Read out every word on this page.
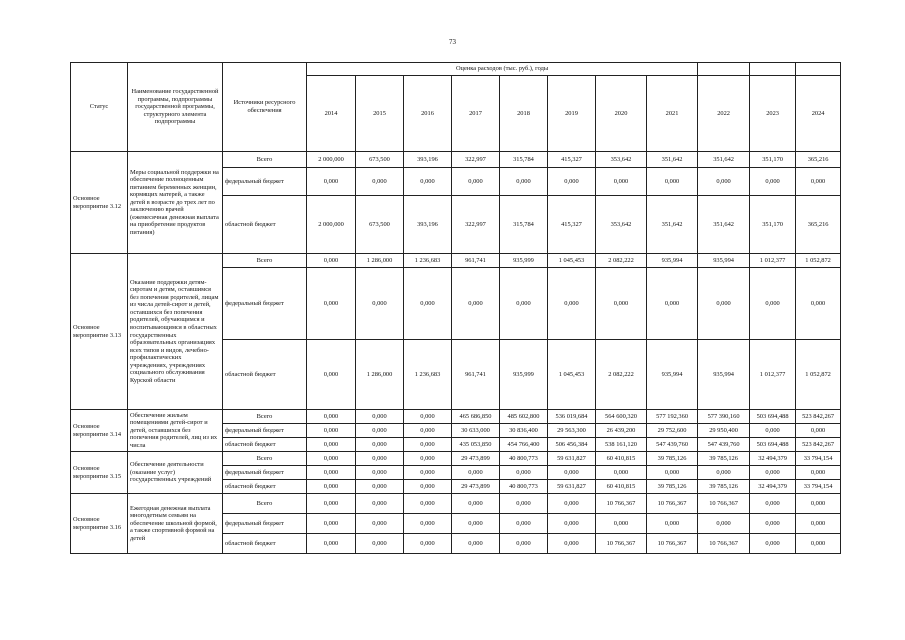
73
Статус	Наименование государственной программы, подпрограммы государственной программы, структурного элемента подпрограммы	Источники ресурсного обеспечения	Оценка расходов (тыс. руб.), годы										
			2014	2015	2016	2017	2018	2019	2020	2021	2022	2023	2024
Основное мероприятие 3.12	Меры социальной поддержки на обеспечение полноценным питанием беременных женщин, кормящих матерей, а также детей в возрасте до трех лет по заключению врачей (ежемесячная денежная выплата на приобретение продуктов питания)	Всего	2 000,000	673,500	393,196	322,997	315,784	415,327	353,642	351,642	351,642	351,170	365,216
		федеральный бюджет	0,000	0,000	0,000	0,000	0,000	0,000	0,000	0,000	0,000	0,000	0,000
		областной бюджет	2 000,000	673,500	393,196	322,997	315,784	415,327	353,642	351,642	351,642	351,170	365,216
Основное мероприятие 3.13	Оказание поддержки детям-сиротам и детям, оставшимся без попечения родителей, лицам из числа детей-сирот и детей, оставшихся без попечения родителей, обучающимся и воспитывающимся в областных государственных образовательных организациях всех типов и видов, лечебно-профилактических учреждениях, учреждениях социального обслуживания Курской области	Всего	0,000	1 286,000	1 236,683	961,741	935,999	1 045,453	2 082,222	935,994	935,994	1 012,377	1 052,872
		федеральный бюджет	0,000	0,000	0,000	0,000	0,000	0,000	0,000	0,000	0,000	0,000	0,000
		областной бюджет	0,000	1 286,000	1 236,683	961,741	935,999	1 045,453	2 082,222	935,994	935,994	1 012,377	1 052,872
Основное мероприятие 3.14	Обеспечение жильем помещениями детей-сирот и детей, оставшихся без попечения родителей, лиц из их числа	Всего	0,000	0,000	0,000	465 686,850	485 602,800	536 019,684	564 600,320	577 192,360	577 390,160	503 694,488	523 842,267
		федеральный бюджет	0,000	0,000	0,000	30 633,000	30 836,400	29 563,300	26 439,200	29 752,600	29 950,400	0,000	0,000
		областной бюджет	0,000	0,000	0,000	435 053,850	454 766,400	506 456,384	538 161,120	547 439,760	547 439,760	503 694,488	523 842,267
Основное мероприятие 3.15	Обеспечение деятельности (оказание услуг) государственных учреждений	Всего	0,000	0,000	0,000	29 473,899	40 800,773	59 631,827	60 410,815	39 785,126	39 785,126	32 494,379	33 794,154
		федеральный бюджет	0,000	0,000	0,000	0,000	0,000	0,000	0,000	0,000	0,000	0,000	0,000
		областной бюджет	0,000	0,000	0,000	29 473,899	40 800,773	59 631,827	60 410,815	39 785,126	39 785,126	32 494,379	33 794,154
Основное мероприятие 3.16	Ежегодная денежная выплата многодетным семьям на обеспечение школьной формой, а также спортивной формой на детей	Всего	0,000	0,000	0,000	0,000	0,000	0,000	10 766,367	10 766,367	10 766,367	0,000	0,000
		федеральный бюджет	0,000	0,000	0,000	0,000	0,000	0,000	0,000	0,000	0,000	0,000	0,000
		областной бюджет	0,000	0,000	0,000	0,000	0,000	0,000	10 766,367	10 766,367	10 766,367	0,000	0,000
